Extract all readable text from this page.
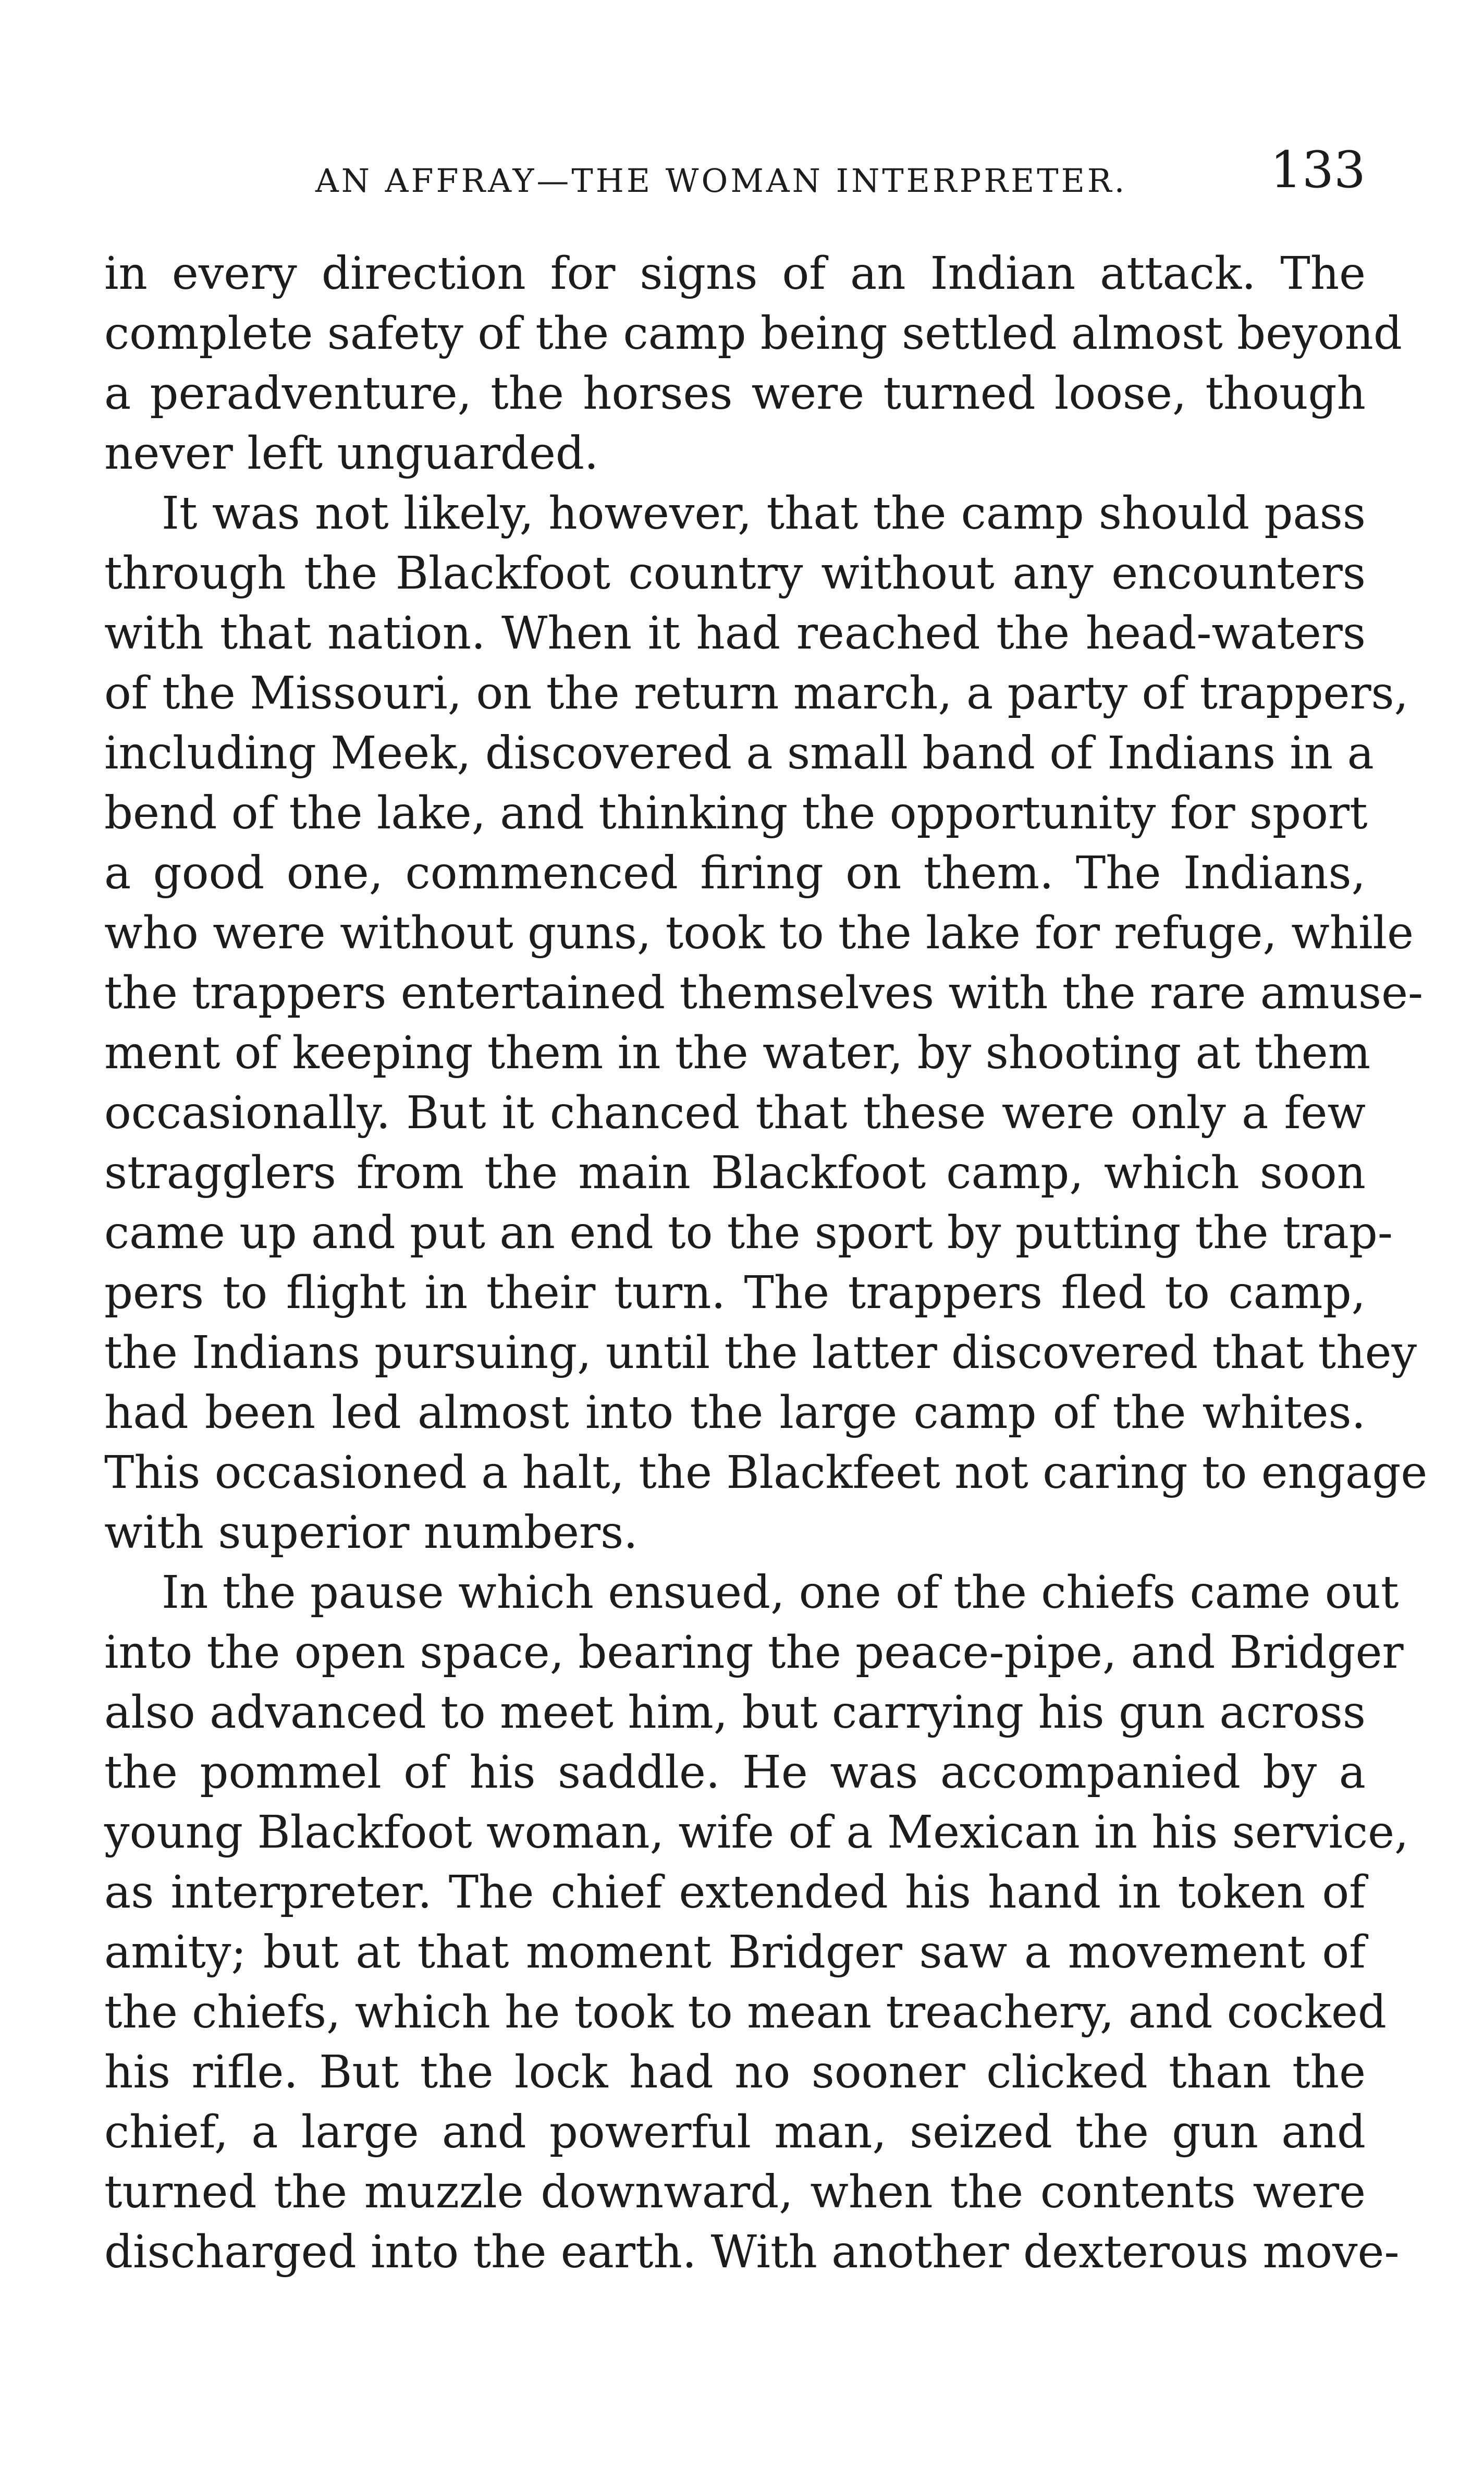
AN AFFRAY—THE WOMAN INTERPRETER.	133
in every direction for signs of an Indian attack. The
complete safety of the camp being settled almost beyond
a peradventure, the horses were turned loose, though
never left unguarded.
It was not likely, however, that the camp should pass
through the Blackfoot country without any encounters
with that nation. When it had reached the head-waters
of the Missouri, on the return march, a party of trappers,
including Meek, discovered a small band of Indians in a
bend of the lake, and thinking the opportunity for sport
a good one, commenced firing on them. The Indians,
who were without guns, took to the lake for refuge, while
the trappers entertained themselves with the rare amuse-
ment of keeping them in the water, by shooting at them
occasionally. But it chanced that these were only a few
stragglers from the main Blackfoot camp, which soon
came up and put an end to the sport by putting the trap-
pers to flight in their turn. The trappers fled to camp,
the Indians pursuing, until the latter discovered that they
had been led almost into the large camp of the whites.
This occasioned a halt, the Blackfeet not caring to engage
with superior numbers.
In the pause which ensued, one of the chiefs came out
into the open space, bearing the peace-pipe, and Bridger
also advanced to meet him, but carrying his gun across
the pommel of his saddle. He was accompanied by a
young Blackfoot woman, wife of a Mexican in his service,
as interpreter. The chief extended his hand in token of
amity; but at that moment Bridger saw a movement of
the chiefs, which he took to mean treachery, and cocked
his rifle. But the lock had no sooner clicked than the
chief, a large and powerful man, seized the gun and
turned the muzzle downward, when the contents were
discharged into the earth. With another dexterous move-
